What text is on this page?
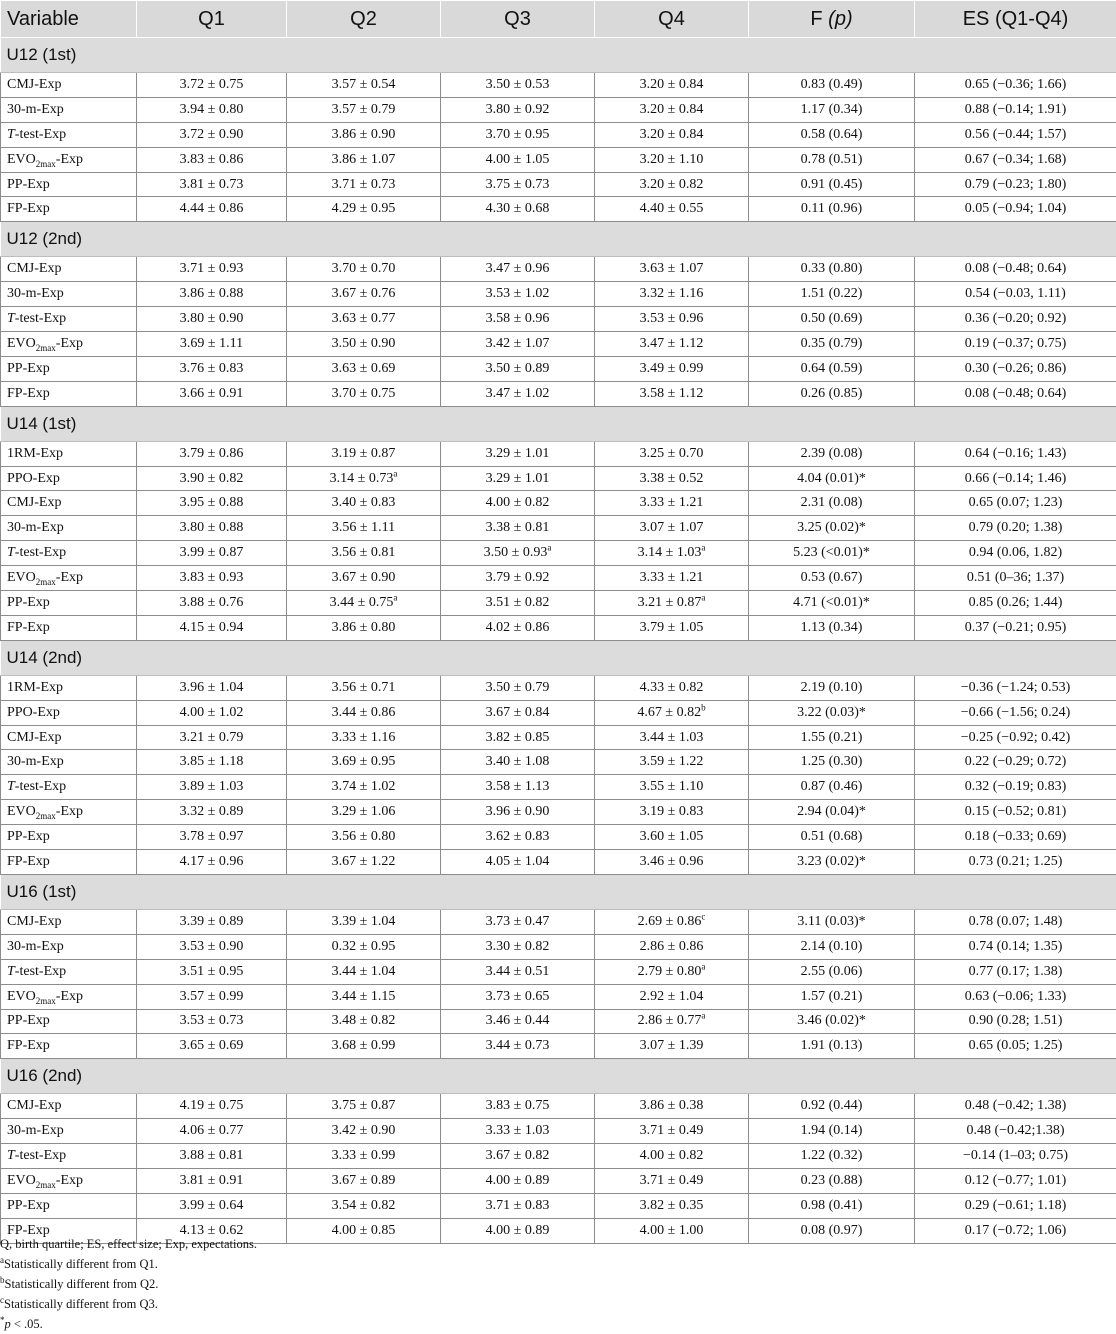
Variable	Q1	Q2	Q3	Q4	F (p)	ES (Q1-Q4)
U12 (1st)						
CMJ-Exp	3.72 ± 0.75	3.57 ± 0.54	3.50 ± 0.53	3.20 ± 0.84	0.83 (0.49)	0.65 (−0.36; 1.66)
30-m-Exp	3.94 ± 0.80	3.57 ± 0.79	3.80 ± 0.92	3.20 ± 0.84	1.17 (0.34)	0.88 (−0.14; 1.91)
T-test-Exp	3.72 ± 0.90	3.86 ± 0.90	3.70 ± 0.95	3.20 ± 0.84	0.58 (0.64)	0.56 (−0.44; 1.57)
$EVO_{2max}$-Exp	3.83 ± 0.86	3.86 ± 1.07	4.00 ± 1.05	3.20 ± 1.10	0.78 (0.51)	0.67 (−0.34; 1.68)
PP-Exp	3.81 ± 0.73	3.71 ± 0.73	3.75 ± 0.73	3.20 ± 0.82	0.91 (0.45)	0.79 (−0.23; 1.80)
FP-Exp	4.44 ± 0.86	4.29 ± 0.95	4.30 ± 0.68	4.40 ± 0.55	0.11 (0.96)	0.05 (−0.94; 1.04)
U12 (2nd)						
CMJ-Exp	3.71 ± 0.93	3.70 ± 0.70	3.47 ± 0.96	3.63 ± 1.07	0.33 (0.80)	0.08 (−0.48; 0.64)
30-m-Exp	3.86 ± 0.88	3.67 ± 0.76	3.53 ± 1.02	3.32 ± 1.16	1.51 (0.22)	0.54 (−0.03, 1.11)
T-test-Exp	3.80 ± 0.90	3.63 ± 0.77	3.58 ± 0.96	3.53 ± 0.96	0.50 (0.69)	0.36 (−0.20; 0.92)
$EVO_{2max}$-Exp	3.69 ± 1.11	3.50 ± 0.90	3.42 ± 1.07	3.47 ± 1.12	0.35 (0.79)	0.19 (−0.37; 0.75)
PP-Exp	3.76 ± 0.83	3.63 ± 0.69	3.50 ± 0.89	3.49 ± 0.99	0.64 (0.59)	0.30 (−0.26; 0.86)
FP-Exp	3.66 ± 0.91	3.70 ± 0.75	3.47 ± 1.02	3.58 ± 1.12	0.26 (0.85)	0.08 (−0.48; 0.64)
U14 (1st)						
1RM-Exp	3.79 ± 0.86	3.19 ± 0.87	3.29 ± 1.01	3.25 ± 0.70	2.39 (0.08)	0.64 (−0.16; 1.43)
PPO-Exp	3.90 ± 0.82	3.14 ± 0.73$^a$	3.29 ± 1.01	3.38 ± 0.52	4.04 (0.01)*	0.66 (−0.14; 1.46)
CMJ-Exp	3.95 ± 0.88	3.40 ± 0.83	4.00 ± 0.82	3.33 ± 1.21	2.31 (0.08)	0.65 (0.07; 1.23)
30-m-Exp	3.80 ± 0.88	3.56 ± 1.11	3.38 ± 0.81	3.07 ± 1.07	3.25 (0.02)*	0.79 (0.20; 1.38)
T-test-Exp	3.99 ± 0.87	3.56 ± 0.81	3.50 ± 0.93$^a$	3.14 ± 1.03$^a$	5.23 (<0.01)*	0.94 (0.06, 1.82)
$EVO_{2max}$-Exp	3.83 ± 0.93	3.67 ± 0.90	3.79 ± 0.92	3.33 ± 1.21	0.53 (0.67)	0.51 (0–36; 1.37)
PP-Exp	3.88 ± 0.76	3.44 ± 0.75$^a$	3.51 ± 0.82	3.21 ± 0.87$^a$	4.71 (<0.01)*	0.85 (0.26; 1.44)
FP-Exp	4.15 ± 0.94	3.86 ± 0.80	4.02 ± 0.86	3.79 ± 1.05	1.13 (0.34)	0.37 (−0.21; 0.95)
U14 (2nd)						
1RM-Exp	3.96 ± 1.04	3.56 ± 0.71	3.50 ± 0.79	4.33 ± 0.82	2.19 (0.10)	−0.36 (−1.24; 0.53)
PPO-Exp	4.00 ± 1.02	3.44 ± 0.86	3.67 ± 0.84	4.67 ± 0.82$^b$	3.22 (0.03)*	−0.66 (−1.56; 0.24)
CMJ-Exp	3.21 ± 0.79	3.33 ± 1.16	3.82 ± 0.85	3.44 ± 1.03	1.55 (0.21)	−0.25 (−0.92; 0.42)
30-m-Exp	3.85 ± 1.18	3.69 ± 0.95	3.40 ± 1.08	3.59 ± 1.22	1.25 (0.30)	0.22 (−0.29; 0.72)
T-test-Exp	3.89 ± 1.03	3.74 ± 1.02	3.58 ± 1.13	3.55 ± 1.10	0.87 (0.46)	0.32 (−0.19; 0.83)
$EVO_{2max}$-Exp	3.32 ± 0.89	3.29 ± 1.06	3.96 ± 0.90	3.19 ± 0.83	2.94 (0.04)*	0.15 (−0.52; 0.81)
PP-Exp	3.78 ± 0.97	3.56 ± 0.80	3.62 ± 0.83	3.60 ± 1.05	0.51 (0.68)	0.18 (−0.33; 0.69)
FP-Exp	4.17 ± 0.96	3.67 ± 1.22	4.05 ± 1.04	3.46 ± 0.96	3.23 (0.02)*	0.73 (0.21; 1.25)
U16 (1st)						
CMJ-Exp	3.39 ± 0.89	3.39 ± 1.04	3.73 ± 0.47	2.69 ± 0.86$^c$	3.11 (0.03)*	0.78 (0.07; 1.48)
30-m-Exp	3.53 ± 0.90	0.32 ± 0.95	3.30 ± 0.82	2.86 ± 0.86	2.14 (0.10)	0.74 (0.14; 1.35)
T-test-Exp	3.51 ± 0.95	3.44 ± 1.04	3.44 ± 0.51	2.79 ± 0.80$^a$	2.55 (0.06)	0.77 (0.17; 1.38)
$EVO_{2max}$-Exp	3.57 ± 0.99	3.44 ± 1.15	3.73 ± 0.65	2.92 ± 1.04	1.57 (0.21)	0.63 (−0.06; 1.33)
PP-Exp	3.53 ± 0.73	3.48 ± 0.82	3.46 ± 0.44	2.86 ± 0.77$^a$	3.46 (0.02)*	0.90 (0.28; 1.51)
FP-Exp	3.65 ± 0.69	3.68 ± 0.99	3.44 ± 0.73	3.07 ± 1.39	1.91 (0.13)	0.65 (0.05; 1.25)
U16 (2nd)						
CMJ-Exp	4.19 ± 0.75	3.75 ± 0.87	3.83 ± 0.75	3.86 ± 0.38	0.92 (0.44)	0.48 (−0.42; 1.38)
30-m-Exp	4.06 ± 0.77	3.42 ± 0.90	3.33 ± 1.03	3.71 ± 0.49	1.94 (0.14)	0.48 (−0.42;1.38)
T-test-Exp	3.88 ± 0.81	3.33 ± 0.99	3.67 ± 0.82	4.00 ± 0.82	1.22 (0.32)	−0.14 (1–03; 0.75)
$EVO_{2max}$-Exp	3.81 ± 0.91	3.67 ± 0.89	4.00 ± 0.89	3.71 ± 0.49	0.23 (0.88)	0.12 (−0.77; 1.01)
PP-Exp	3.99 ± 0.64	3.54 ± 0.82	3.71 ± 0.83	3.82 ± 0.35	0.98 (0.41)	0.29 (−0.61; 1.18)
FP-Exp	4.13 ± 0.62	4.00 ± 0.85	4.00 ± 0.89	4.00 ± 1.00	0.08 (0.97)	0.17 (−0.72; 1.06)
Q, birth quartile; ES, effect size; Exp, expectations.
$^a$Statistically different from Q1.
$^b$Statistically different from Q2.
$^c$Statistically different from Q3.
*p < .05.
